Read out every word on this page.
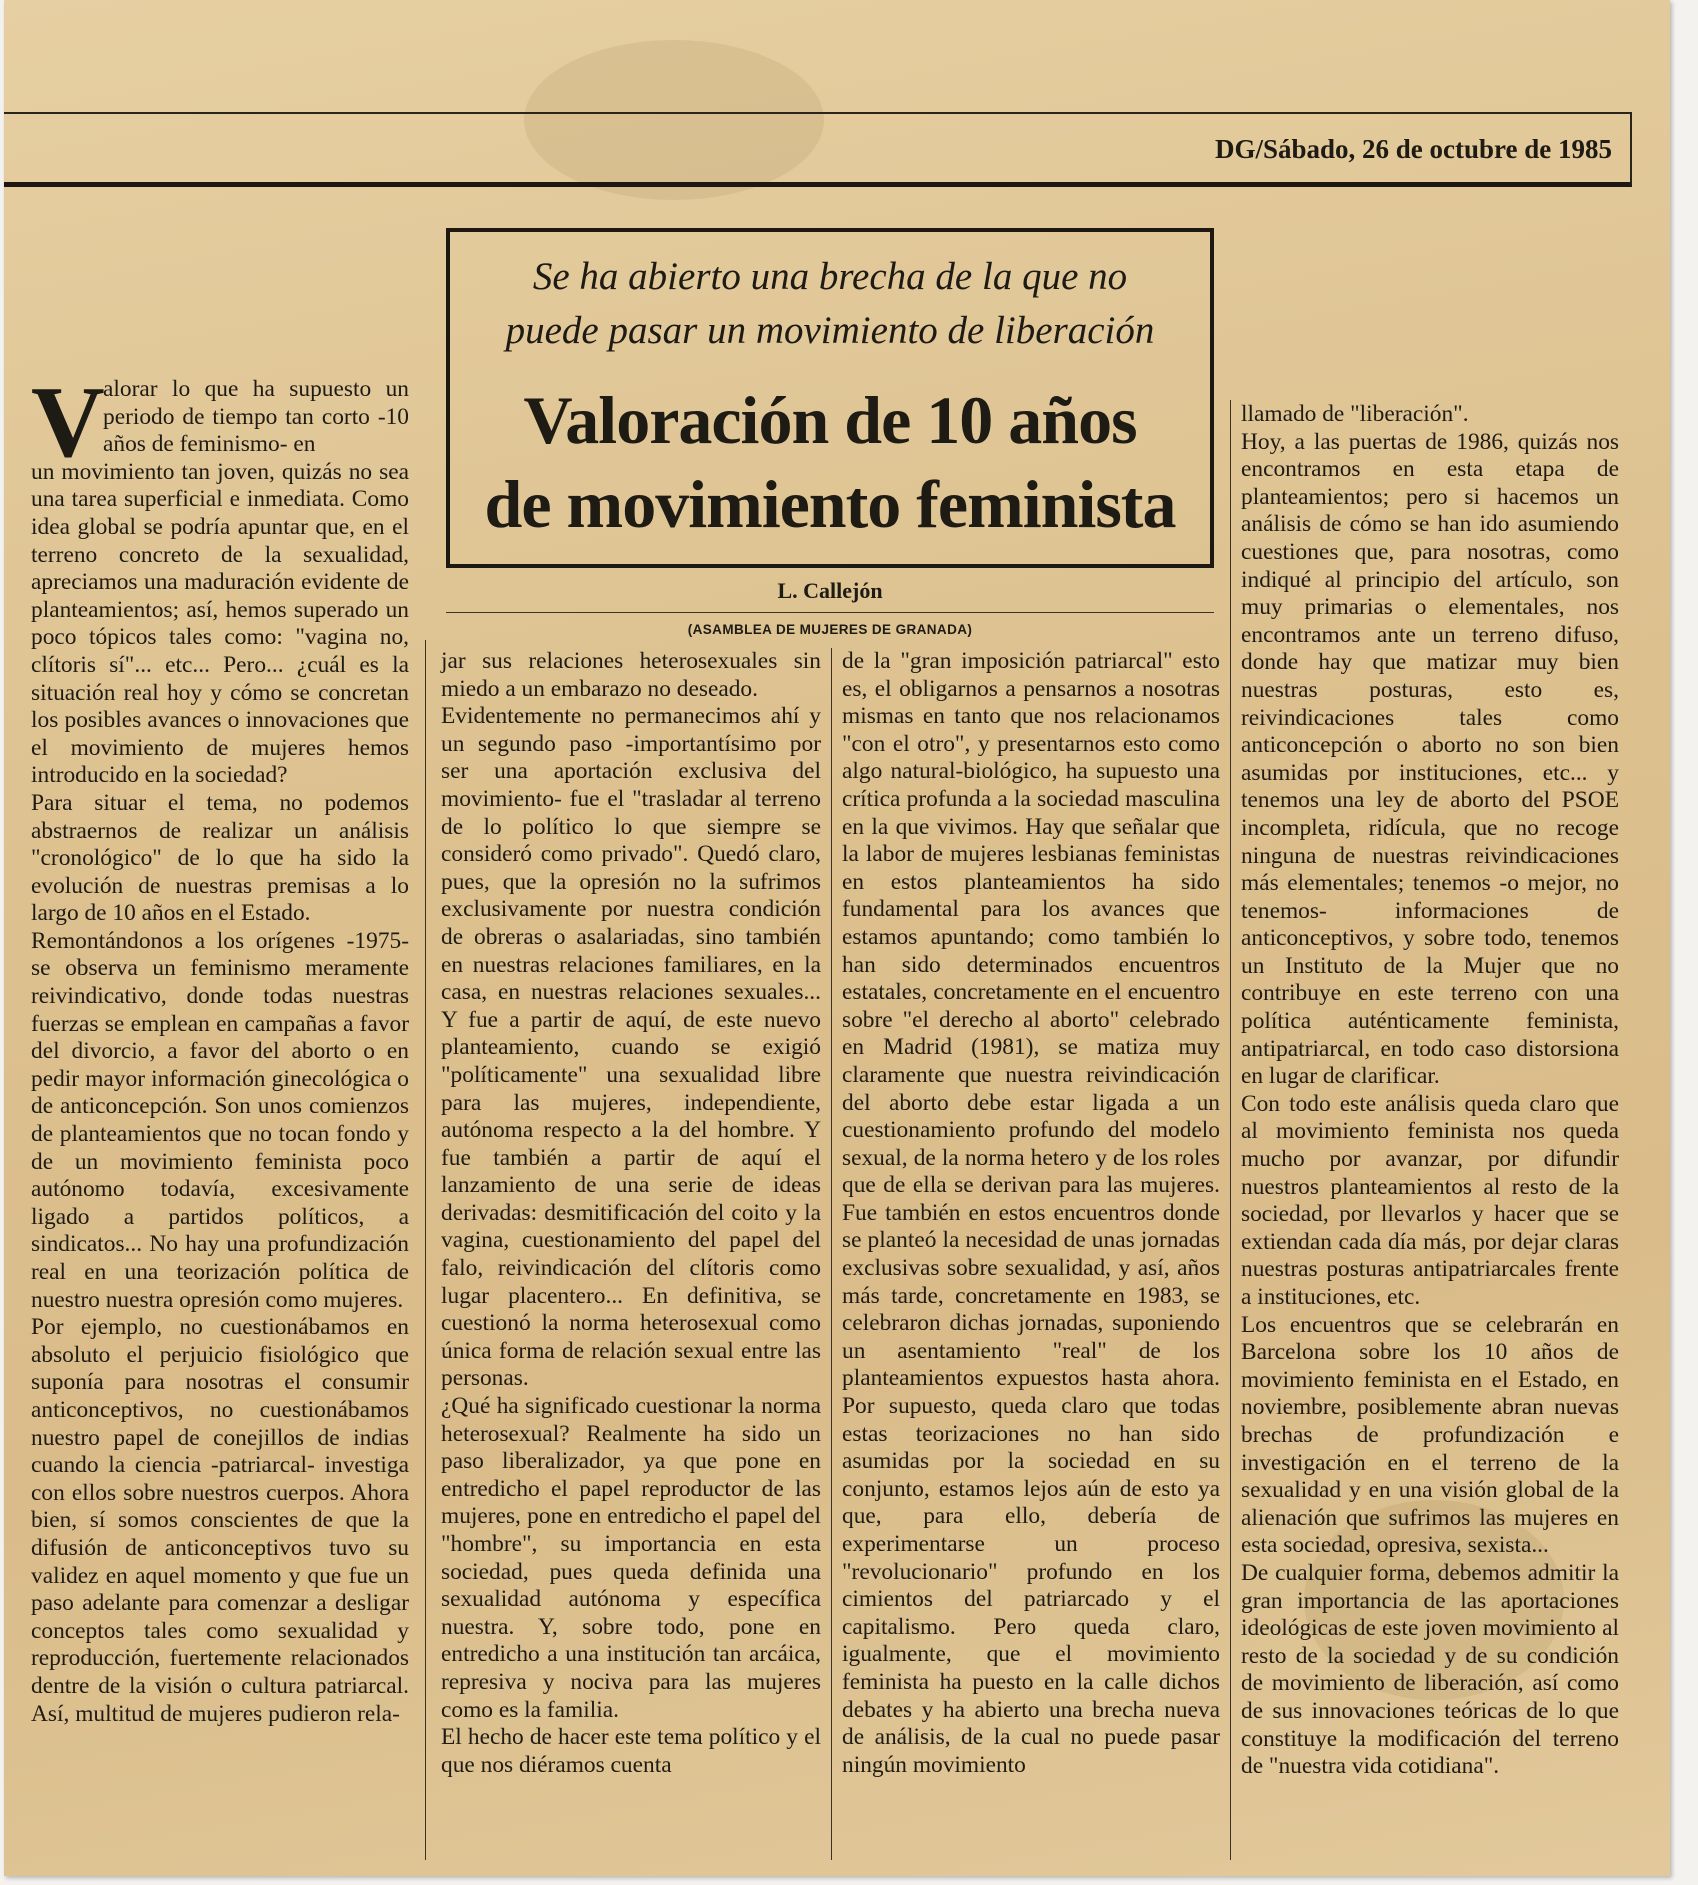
DG/Sábado, 26 de octubre de 1985
Se ha abierto una brecha de la que no
puede pasar un movimiento de liberación
Valoración de 10 años
de movimiento feminista
L. Callejón
(ASAMBLEA DE MUJERES DE GRANADA)
V
alorar lo que ha supuesto un periodo de tiempo tan corto -10 años de feminismo- en
un movimiento tan joven, quizás no sea una tarea superficial e inmediata. Como idea global se podría apuntar que, en el terreno concreto de la sexualidad, apreciamos una maduración evidente de planteamientos; así, hemos superado un poco tópicos tales como: "vagina no, clítoris sí"... etc... Pero... ¿cuál es la situación real hoy y cómo se concretan los posibles avances o innovaciones que el movimiento de mujeres hemos introducido en la sociedad?
Para situar el tema, no podemos abstraernos de realizar un análisis "cronológico" de lo que ha sido la evolución de nuestras premisas a lo largo de 10 años en el Estado.
Remontándonos a los orígenes -1975- se observa un feminismo meramente reivindicativo, donde todas nuestras fuerzas se emplean en campañas a favor del divorcio, a favor del aborto o en pedir mayor información ginecológica o de anticoncepción. Son unos comienzos de planteamientos que no tocan fondo y de un movimiento feminista poco autónomo todavía, excesivamente ligado a partidos políticos, a sindicatos... No hay una profundización real en una teorización política de nuestro nuestra opresión como mujeres.
Por ejemplo, no cuestionábamos en absoluto el perjuicio fisiológico que suponía para nosotras el consumir anticonceptivos, no cuestionábamos nuestro papel de conejillos de indias cuando la ciencia -patriarcal- investiga con ellos sobre nuestros cuerpos. Ahora bien, sí somos conscientes de que la difusión de anticonceptivos tuvo su validez en aquel momento y que fue un paso adelante para comenzar a desligar conceptos tales como sexualidad y reproducción, fuertemente relacionados dentre de la visión o cultura patriarcal. Así, multitud de mujeres pudieron rela-
jar sus relaciones heterosexuales sin miedo a un embarazo no deseado.
Evidentemente no permanecimos ahí y un segundo paso -importantísimo por ser una aportación exclusiva del movimiento- fue el "trasladar al terreno de lo político lo que siempre se consideró como privado". Quedó claro, pues, que la opresión no la sufrimos exclusivamente por nuestra condición de obreras o asalariadas, sino también en nuestras relaciones familiares, en la casa, en nuestras relaciones sexuales... Y fue a partir de aquí, de este nuevo planteamiento, cuando se exigió "políticamente" una sexualidad libre para las mujeres, independiente, autónoma respecto a la del hombre. Y fue también a partir de aquí el lanzamiento de una serie de ideas derivadas: desmitificación del coito y la vagina, cuestionamiento del papel del falo, reivindicación del clítoris como lugar placentero... En definitiva, se cuestionó la norma heterosexual como única forma de relación sexual entre las personas.
¿Qué ha significado cuestionar la norma heterosexual? Realmente ha sido un paso liberalizador, ya que pone en entredicho el papel reproductor de las mujeres, pone en entredicho el papel del "hombre", su importancia en esta sociedad, pues queda definida una sexualidad autónoma y específica nuestra. Y, sobre todo, pone en entredicho a una institución tan arcáica, represiva y nociva para las mujeres como es la familia.
El hecho de hacer este tema político y el que nos diéramos cuenta
de la "gran imposición patriarcal" esto es, el obligarnos a pensarnos a nosotras mismas en tanto que nos relacionamos "con el otro", y presentarnos esto como algo natural-biológico, ha supuesto una crítica profunda a la sociedad masculina en la que vivimos. Hay que señalar que la labor de mujeres lesbianas feministas en estos planteamientos ha sido fundamental para los avances que estamos apuntando; como también lo han sido determinados encuentros estatales, concretamente en el encuentro sobre "el derecho al aborto" celebrado en Madrid (1981), se matiza muy claramente que nuestra reivindicación del aborto debe estar ligada a un cuestionamiento profundo del modelo sexual, de la norma hetero y de los roles que de ella se derivan para las mujeres. Fue también en estos encuentros donde se planteó la necesidad de unas jornadas exclusivas sobre sexualidad, y así, años más tarde, concretamente en 1983, se celebraron dichas jornadas, suponiendo un asentamiento "real" de los planteamientos expuestos hasta ahora. Por supuesto, queda claro que todas estas teorizaciones no han sido asumidas por la sociedad en su conjunto, estamos lejos aún de esto ya que, para ello, debería de experimentarse un proceso "revolucionario" profundo en los cimientos del patriarcado y el capitalismo. Pero queda claro, igualmente, que el movimiento feminista ha puesto en la calle dichos debates y ha abierto una brecha nueva de análisis, de la cual no puede pasar ningún movimiento
llamado de "liberación".
Hoy, a las puertas de 1986, quizás nos encontramos en esta etapa de planteamientos; pero si hacemos un análisis de cómo se han ido asumiendo cuestiones que, para nosotras, como indiqué al principio del artículo, son muy primarias o elementales, nos encontramos ante un terreno difuso, donde hay que matizar muy bien nuestras posturas, esto es, reivindicaciones tales como anticoncepción o aborto no son bien asumidas por instituciones, etc... y tenemos una ley de aborto del PSOE incompleta, ridícula, que no recoge ninguna de nuestras reivindicaciones más elementales; tenemos -o mejor, no tenemos- informaciones de anticonceptivos, y sobre todo, tenemos un Instituto de la Mujer que no contribuye en este terreno con una política auténticamente feminista, antipatriarcal, en todo caso distorsiona en lugar de clarificar.
Con todo este análisis queda claro que al movimiento feminista nos queda mucho por avanzar, por difundir nuestros planteamientos al resto de la sociedad, por llevarlos y hacer que se extiendan cada día más, por dejar claras nuestras posturas antipatriarcales frente a instituciones, etc.
Los encuentros que se celebrarán en Barcelona sobre los 10 años de movimiento feminista en el Estado, en noviembre, posiblemente abran nuevas brechas de profundización e investigación en el terreno de la sexualidad y en una visión global de la alienación que sufrimos las mujeres en esta sociedad, opresiva, sexista...
De cualquier forma, debemos admitir la gran importancia de las aportaciones ideológicas de este joven movimiento al resto de la sociedad y de su condición de movimiento de liberación, así como de sus innovaciones teóricas de lo que constituye la modificación del terreno de "nuestra vida cotidiana".
